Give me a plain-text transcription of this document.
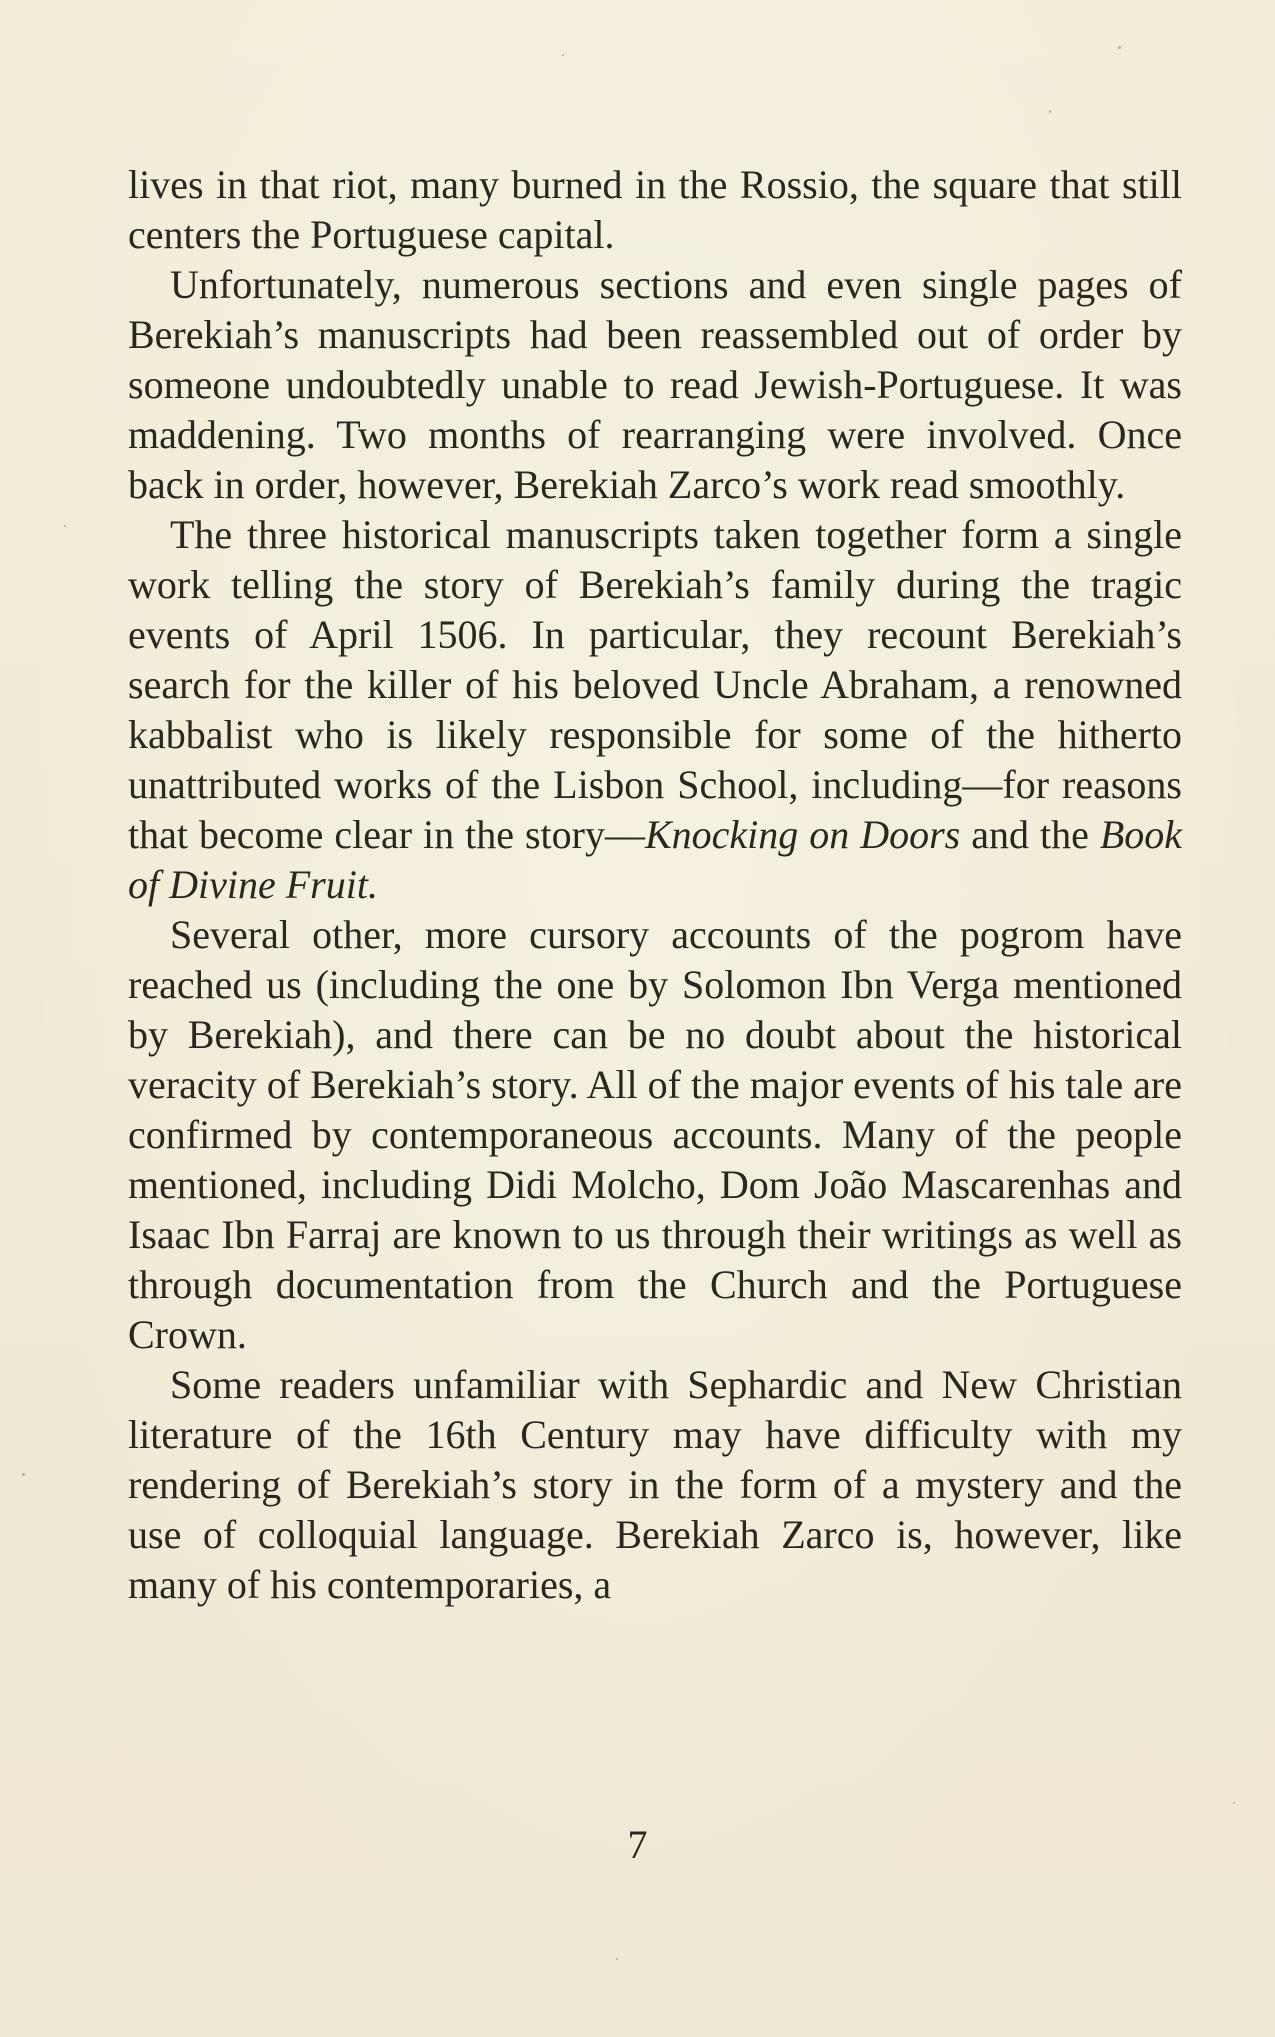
lives in that riot, many burned in the Rossio, the square that still centers the Portuguese capital.

Unfortunately, numerous sections and even single pages of Berekiah’s manuscripts had been reassembled out of order by someone undoubtedly unable to read Jewish-Portuguese. It was maddening. Two months of rearranging were involved. Once back in order, however, Berekiah Zarco’s work read smoothly.

The three historical manuscripts taken together form a single work telling the story of Berekiah’s family during the tragic events of April 1506. In particular, they recount Berekiah’s search for the killer of his beloved Uncle Abraham, a renowned kabbalist who is likely responsible for some of the hitherto unattributed works of the Lisbon School, including—for reasons that become clear in the story—Knocking on Doors and the Book of Divine Fruit.

Several other, more cursory accounts of the pogrom have reached us (including the one by Solomon Ibn Verga mentioned by Berekiah), and there can be no doubt about the historical veracity of Berekiah’s story. All of the major events of his tale are confirmed by contemporaneous accounts. Many of the people mentioned, including Didi Molcho, Dom João Mascarenhas and Isaac Ibn Farraj are known to us through their writings as well as through documentation from the Church and the Portuguese Crown.

Some readers unfamiliar with Sephardic and New Christian literature of the 16th Century may have difficulty with my rendering of Berekiah’s story in the form of a mystery and the use of colloquial language. Berekiah Zarco is, however, like many of his contemporaries, a

7
